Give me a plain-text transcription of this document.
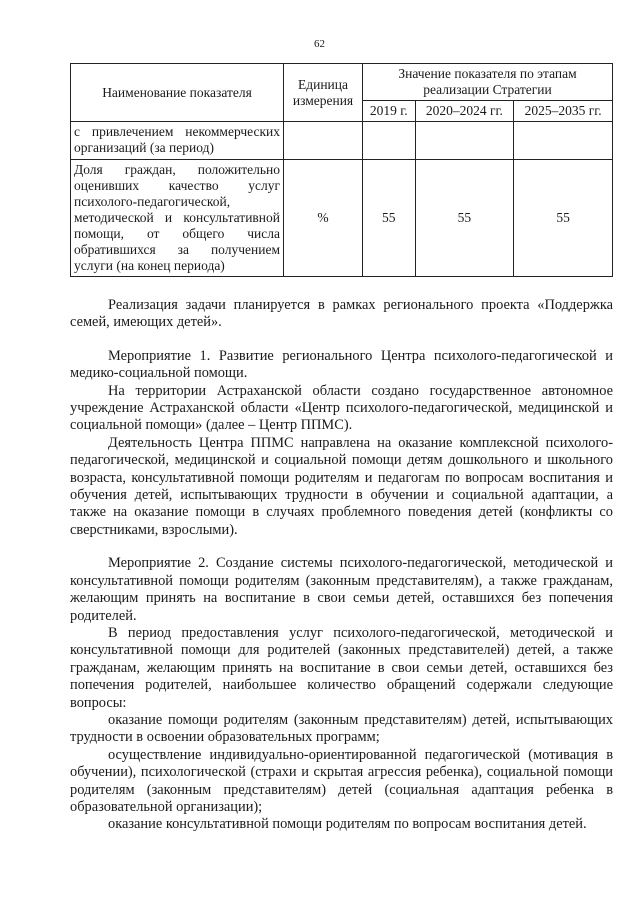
62
Наименование показателя	Единица измерения	Значение показателя по этапам реализации Стратегии		
		2019 г.	2020–2024 гг.	2025–2035 гг.
с привлечением некоммерческих организаций (за период)				
Доля граждан, положительно оценивших качество услуг психолого-педагогической, методической и консультативной помощи, от общего числа обратившихся за получением услуги (на конец периода)	%	55	55	55

Реализация задачи планируется в рамках регионального проекта «Поддержка семей, имеющих детей».

Мероприятие 1. Развитие регионального Центра психолого-педагогической и медико-социальной помощи.

На территории Астраханской области создано государственное автономное учреждение Астраханской области «Центр психолого-педагогической, медицинской и социальной помощи» (далее – Центр ППМС).

Деятельность Центра ППМС направлена на оказание комплексной психолого-педагогической, медицинской и социальной помощи детям дошкольного и школьного возраста, консультативной помощи родителям и педагогам по вопросам воспитания и обучения детей, испытывающих трудности в обучении и социальной адаптации, а также на оказание помощи в случаях проблемного поведения детей (конфликты со сверстниками, взрослыми).

Мероприятие 2. Создание системы психолого-педагогической, методической и консультативной помощи родителям (законным представителям), а также гражданам, желающим принять на воспитание в свои семьи детей, оставшихся без попечения родителей.

В период предоставления услуг психолого-педагогической, методической и консультативной помощи для родителей (законных представителей) детей, а также гражданам, желающим принять на воспитание в свои семьи детей, оставшихся без попечения родителей, наибольшее количество обращений содержали следующие вопросы:

оказание помощи родителям (законным представителям) детей, испытывающих трудности в освоении образовательных программ;

осуществление индивидуально-ориентированной педагогической (мотивация в обучении), психологической (страхи и скрытая агрессия ребенка), социальной помощи родителям (законным представителям) детей (социальная адаптация ребенка в образовательной организации);

оказание консультативной помощи родителям по вопросам воспитания детей.
